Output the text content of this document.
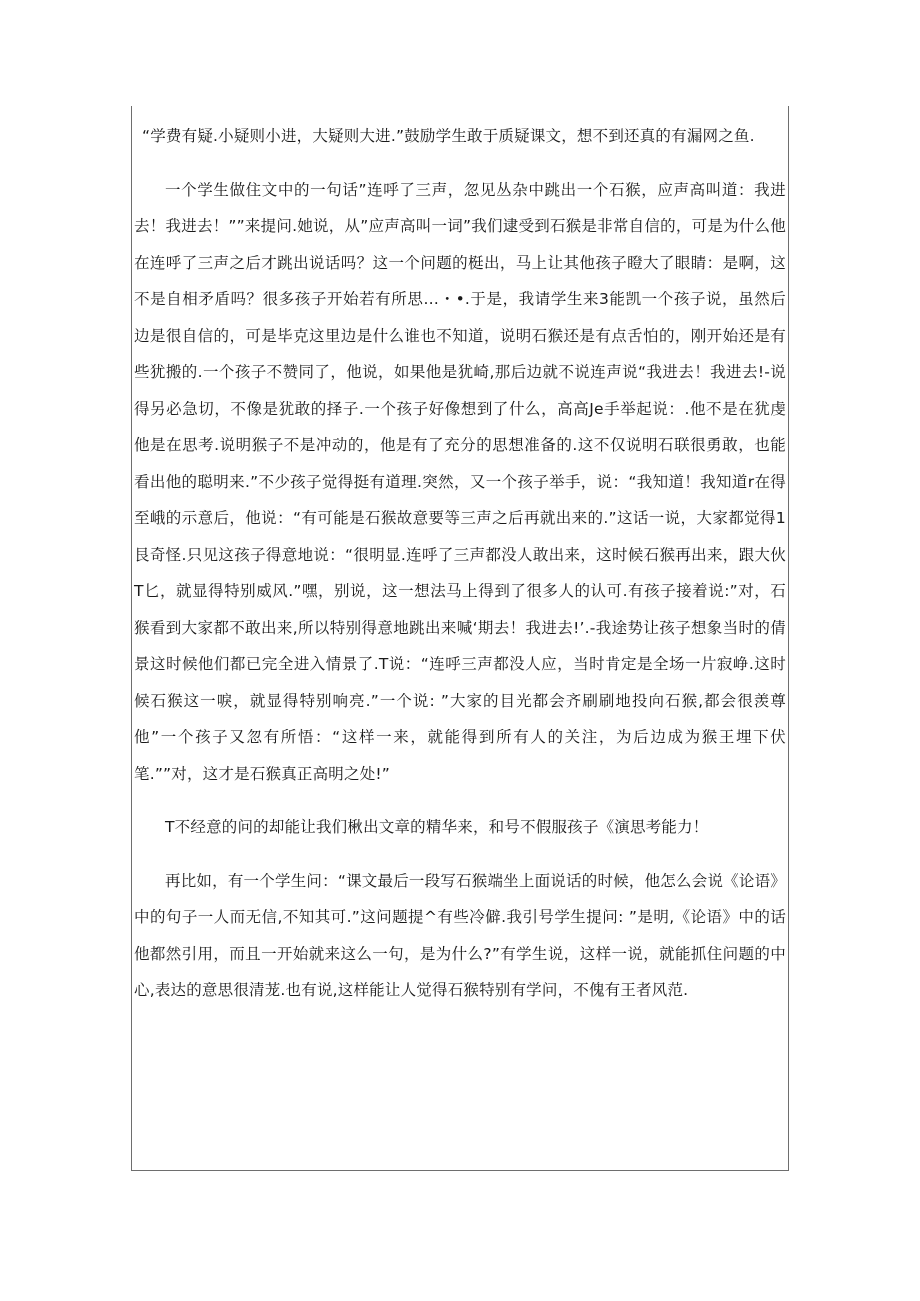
“学费有疑.小疑则小进，大疑则大进.”鼓励学生敢于质疑课文，想不到还真的有漏网之鱼.

一个学生做住文中的一句话”连呼了三声，忽见丛杂中跳出一个石猴，应声高叫道：我进去！我进去！””来提问.她说，从”应声高叫一词”我们逮受到石猴是非常自信的，可是为什么他在连呼了三声之后才跳出说话吗？这一个问题的梃出，马上让其他孩子瞪大了眼睛：是啊，这不是自相矛盾吗？很多孩子开始若有所思…・•.于是，我请学生来3能凯一个孩子说，虽然后边是很自信的，可是毕克这里边是什么谁也不知道，说明石猴还是有点舌怕的，刚开始还是有些犹搬的.一个孩子不赞同了，他说，如果他是犹崎,那后边就不说连声说“我进去！我进去!-说得另必急切，不像是犹敢的择子.一个孩子好像想到了什么，高高Je手举起说：.他不是在犹虔他是在思考.说明猴子不是冲动的，他是有了充分的思想准备的.这不仅说明石联很勇敢，也能看出他的聪明来.”不少孩子觉得挺有道理.突然，又一个孩子举手，说：“我知道！我知道r在得至峨的示意后，他说：“有可能是石猴故意要等三声之后再就出来的.”这话一说，大家都觉得1艮奇怪.只见这孩子得意地说：“很明显.连呼了三声都没人敢出来，这时候石猴再出来，跟大伙T匕，就显得特别威风.”嘿，别说，这一想法马上得到了很多人的认可.有孩子接着说:”对，石猴看到大家都不敢出来,所以特别得意地跳出来喊‘期去！我进去!’.-我途势让孩子想象当时的倩景这时候他们都已完全进入情景了.T说：“连呼三声都没人应，当时肯定是全场一片寂峥.这时候石猴这一唳，就显得特别响亮.”一个说: ”大家的目光都会齐刷刷地投向石猴,都会很羡尊他”一个孩子又忽有所悟：“这样一来，就能得到所有人的关注，为后边成为猴王埋下伏笔.””对，这才是石猴真正高明之处!”

T不经意的问的却能让我们楸出文章的精华来，和号不假服孩子《演思考能力！

再比如，有一个学生问：“课文最后一段写石猴端坐上面说话的时候，他怎么会说《论语》中的句子一人而无信,不知其可.”这问题提^有些冷僻.我引号学生提问: ”是明,《论语》中的话他都然引用，而且一开始就来这么一句，是为什么?”有学生说，这样一说，就能抓住问题的中心,表达的意思很清茏.也有说,这样能让人觉得石猴特别有学问，不傀有王者风范.
